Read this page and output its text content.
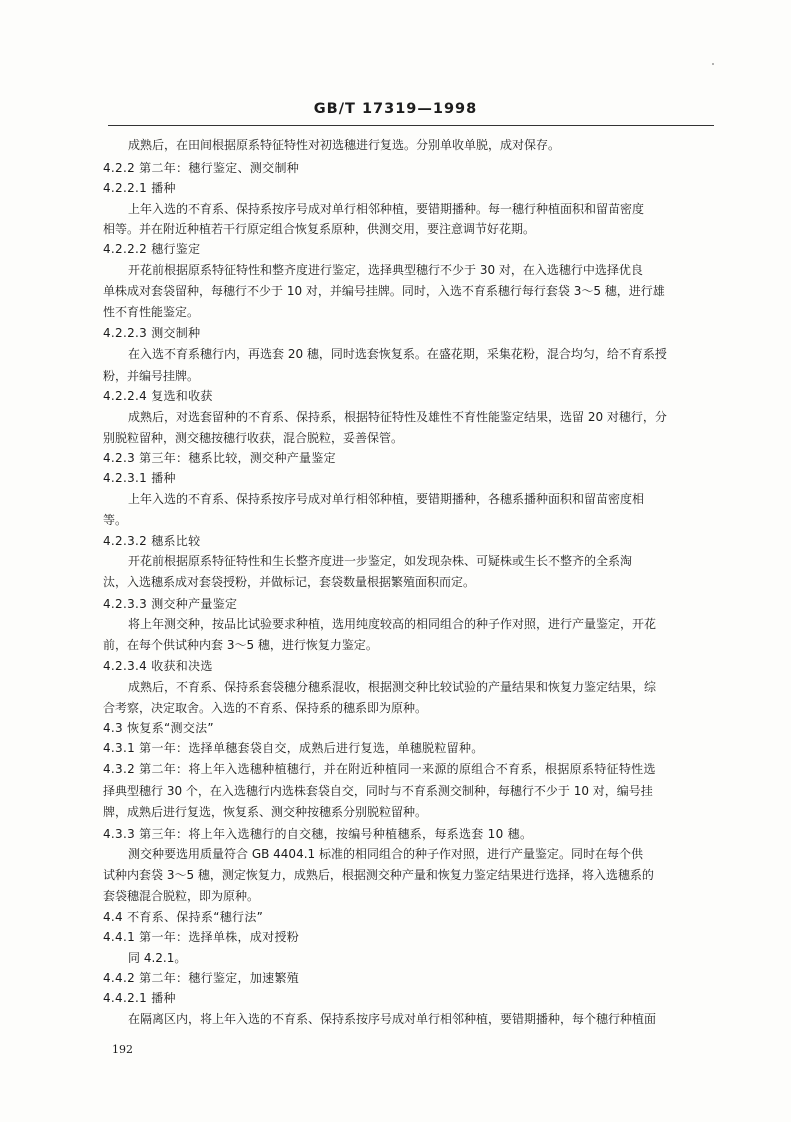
GB/T 17319—1998
成熟后，在田间根据原系特征特性对初选穗进行复选。分别单收单脱，成对保存。
4.2.2 第二年：穗行鉴定、测交制种
4.2.2.1 播种
上年入选的不育系、保持系按序号成对单行相邻种植，要错期播种。每一穗行种植面积和留苗密度
相等。并在附近种植若干行原定组合恢复系原种，供测交用，要注意调节好花期。
4.2.2.2 穗行鉴定
开花前根据原系特征特性和整齐度进行鉴定，选择典型穗行不少于 30 对，在入选穗行中选择优良
单株成对套袋留种，每穗行不少于 10 对，并编号挂牌。同时，入选不育系穗行每行套袋 3～5 穗，进行雄
性不育性能鉴定。
4.2.2.3 测交制种
在入选不育系穗行内，再选套 20 穗，同时选套恢复系。在盛花期，采集花粉，混合均匀，给不育系授
粉，并编号挂牌。
4.2.2.4 复选和收获
成熟后，对选套留种的不育系、保持系，根据特征特性及雄性不育性能鉴定结果，选留 20 对穗行，分
别脱粒留种，测交穗按穗行收获，混合脱粒，妥善保管。
4.2.3 第三年：穗系比较，测交种产量鉴定
4.2.3.1 播种
上年入选的不育系、保持系按序号成对单行相邻种植，要错期播种，各穗系播种面积和留苗密度相
等。
4.2.3.2 穗系比较
开花前根据原系特征特性和生长整齐度进一步鉴定，如发现杂株、可疑株或生长不整齐的全系淘
汰，入选穗系成对套袋授粉，并做标记，套袋数量根据繁殖面积而定。
4.2.3.3 测交种产量鉴定
将上年测交种，按品比试验要求种植，选用纯度较高的相同组合的种子作对照，进行产量鉴定，开花
前，在每个供试种内套 3～5 穗，进行恢复力鉴定。
4.2.3.4 收获和决选
成熟后，不育系、保持系套袋穗分穗系混收，根据测交种比较试验的产量结果和恢复力鉴定结果，综
合考察，决定取舍。入选的不育系、保持系的穗系即为原种。
4.3 恢复系“测交法”
4.3.1 第一年：选择单穗套袋自交，成熟后进行复选，单穗脱粒留种。
4.3.2 第二年：将上年入选穗种植穗行，并在附近种植同一来源的原组合不育系，根据原系特征特性选
择典型穗行 30 个，在入选穗行内选株套袋自交，同时与不育系测交制种，每穗行不少于 10 对，编号挂
牌，成熟后进行复选，恢复系、测交种按穗系分别脱粒留种。
4.3.3 第三年：将上年入选穗行的自交穗，按编号种植穗系，每系选套 10 穗。
测交种要选用质量符合 GB 4404.1 标准的相同组合的种子作对照，进行产量鉴定。同时在每个供
试种内套袋 3～5 穗，测定恢复力，成熟后，根据测交种产量和恢复力鉴定结果进行选择，将入选穗系的
套袋穗混合脱粒，即为原种。
4.4 不育系、保持系“穗行法”
4.4.1 第一年：选择单株，成对授粉
同 4.2.1。
4.4.2 第二年：穗行鉴定，加速繁殖
4.4.2.1 播种
在隔离区内，将上年入选的不育系、保持系按序号成对单行相邻种植，要错期播种，每个穗行种植面
192
